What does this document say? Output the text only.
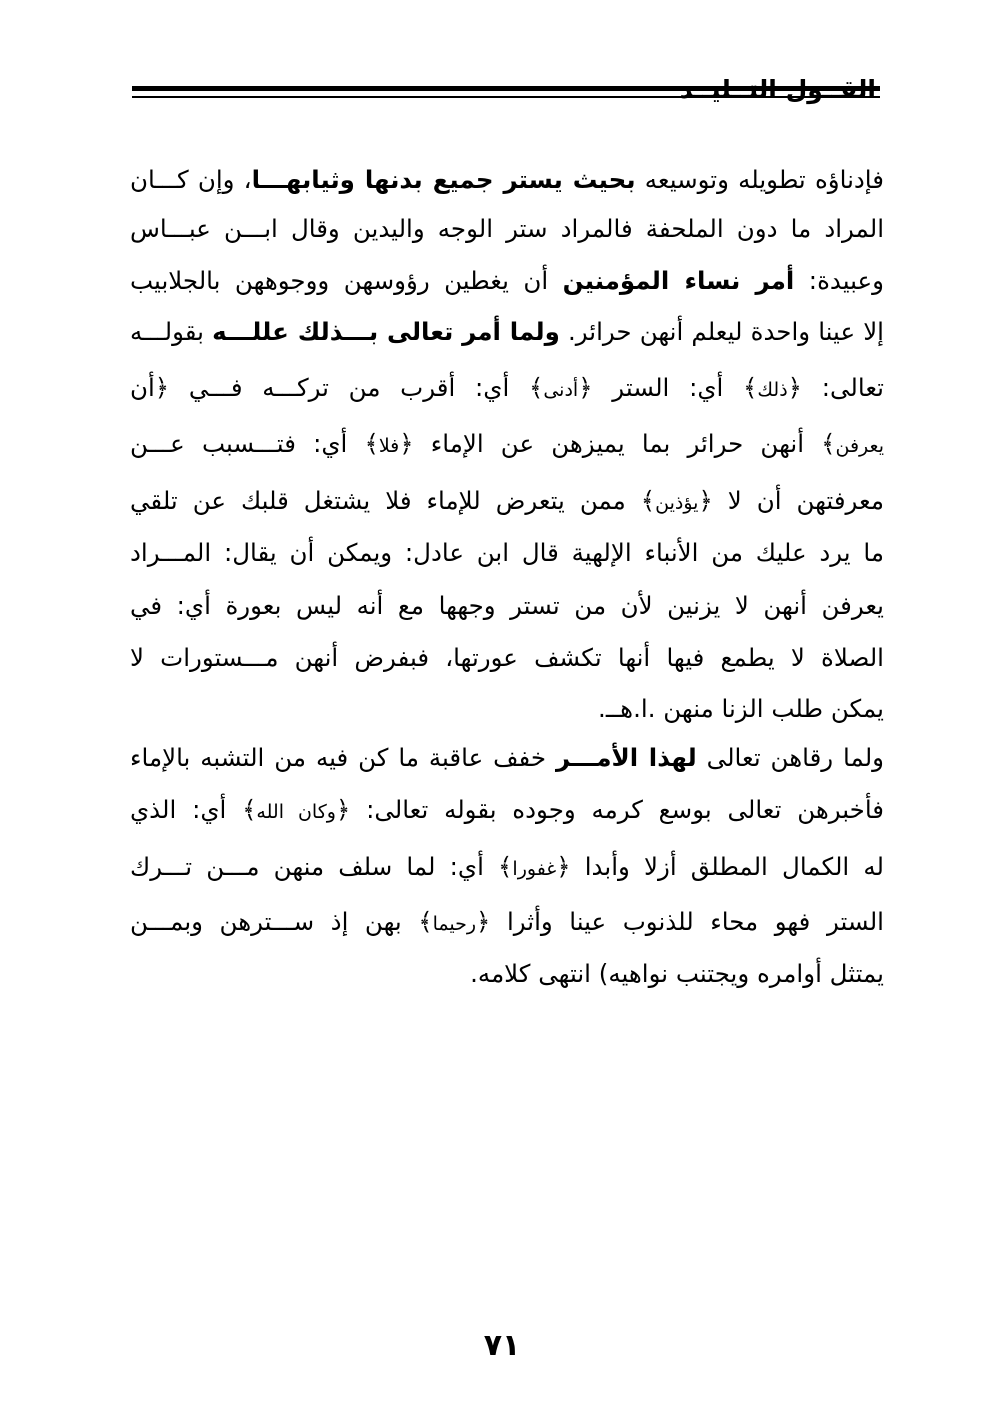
القــول التــليــد
فإدناؤه تطويله وتوسيعه بحيث يستر جميع بدنها وثيابهـــا، وإن كـــان
المراد ما دون الملحفة فالمراد ستر الوجه واليدين وقال ابـــن عبـــاس
وعبيدة: أمر نساء المؤمنين أن يغطين رؤوسهن ووجوههن بالجلابيب
إلا عينا واحدة ليعلم أنهن حرائر. ولما أمر تعالى بـــذلك عللـــه بقولـــه
تعالى: ﴿ذلك﴾ أي: الستر ﴿أدنى﴾ أي: أقرب من تركـــه فـــي ﴿أن
يعرفن﴾ أنهن حرائر بما يميزهن عن الإماء ﴿فلا﴾ أي: فتـــسبب عـــن
معرفتهن أن لا ﴿يؤذين﴾ ممن يتعرض للإماء فلا يشتغل قلبك عن تلقي
ما يرد عليك من الأنباء الإلهية قال ابن عادل: ويمكن أن يقال: المـــراد
يعرفن أنهن لا يزنين لأن من تستر وجهها مع أنه ليس بعورة أي: في
الصلاة لا يطمع فيها أنها تكشف عورتها، فبفرض أنهن مـــستورات لا
يمكن طلب الزنا منهن .ا.هــ.
ولما رقاهن تعالى لهذا الأمـــر خفف عاقبة ما كن فيه من التشبه بالإماء
فأخبرهن تعالى بوسع كرمه وجوده بقوله تعالى: ﴿وكان الله﴾ أي: الذي
له الكمال المطلق أزلا وأبدا ﴿غفورا﴾ أي: لما سلف منهن مـــن تـــرك
الستر فهو محاء للذنوب عينا وأثرا ﴿رحيما﴾ بهن إذ ســـترهن وبمـــن
يمتثل أوامره ويجتنب نواهيه) انتهى كلامه.
٧١
